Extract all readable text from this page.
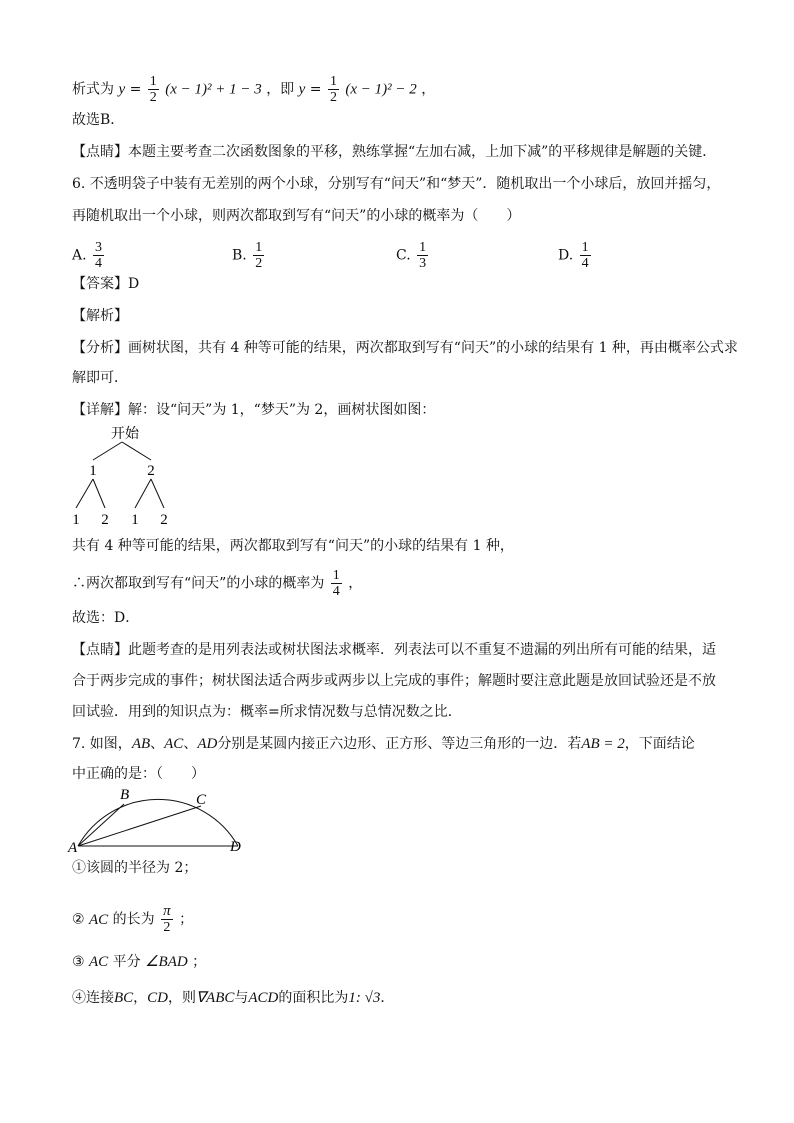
析式为 $y = \frac{1}{2} (x - 1)^2 + 1 - 3$ ，即 $y = \frac{1}{2} (x - 1)^2 - 2$ ，
故选B．
【点睛】本题主要考查二次函数图象的平移，熟练掌握“左加右减，上加下减”的平移规律是解题的关键．
6. 不透明袋子中装有无差别的两个小球，分别写有“问天”和“梦天”．随机取出一个小球后，放回并摇匀，
再随机取出一个小球，则两次都取到写有“问天”的小球的概率为（　　）
A. $\frac{3}{4}$	B. $\frac{1}{2}$	C. $\frac{1}{3}$	D. $\frac{1}{4}$
【答案】D
【解析】
【分析】画树状图，共有 4 种等可能的结果，两次都取到写有“问天”的小球的结果有 1 种，再由概率公式求
解即可．
【详解】解：设“问天”为 1，“梦天”为 2，画树状图如图：
开始
1	2
1 2 1 2
共有 4 种等可能的结果，两次都取到写有“问天”的小球的结果有 1 种，
∴两次都取到写有“问天”的小球的概率为 $\frac{1}{4}$ ，
故选：D．
【点睛】此题考查的是用列表法或树状图法求概率．列表法可以不重复不遗漏的列出所有可能的结果，适
合于两步完成的事件；树状图法适合两步或两步以上完成的事件；解题时要注意此题是放回试验还是不放
回试验．用到的知识点为：概率=所求情况数与总情况数之比．
7. 如图，AB、AC、AD分别是某圆内接正六边形、正方形、等边三角形的一边．若AB = 2，下面结论
中正确的是：（　　）
A
B	C
D
①该圆的半径为 2；
② AC 的长为 $\frac{\pi}{2}$ ；
③ AC 平分 ∠BAD ；
④连接BC，CD，则∇ABC与ACD的面积比为1: √3．
